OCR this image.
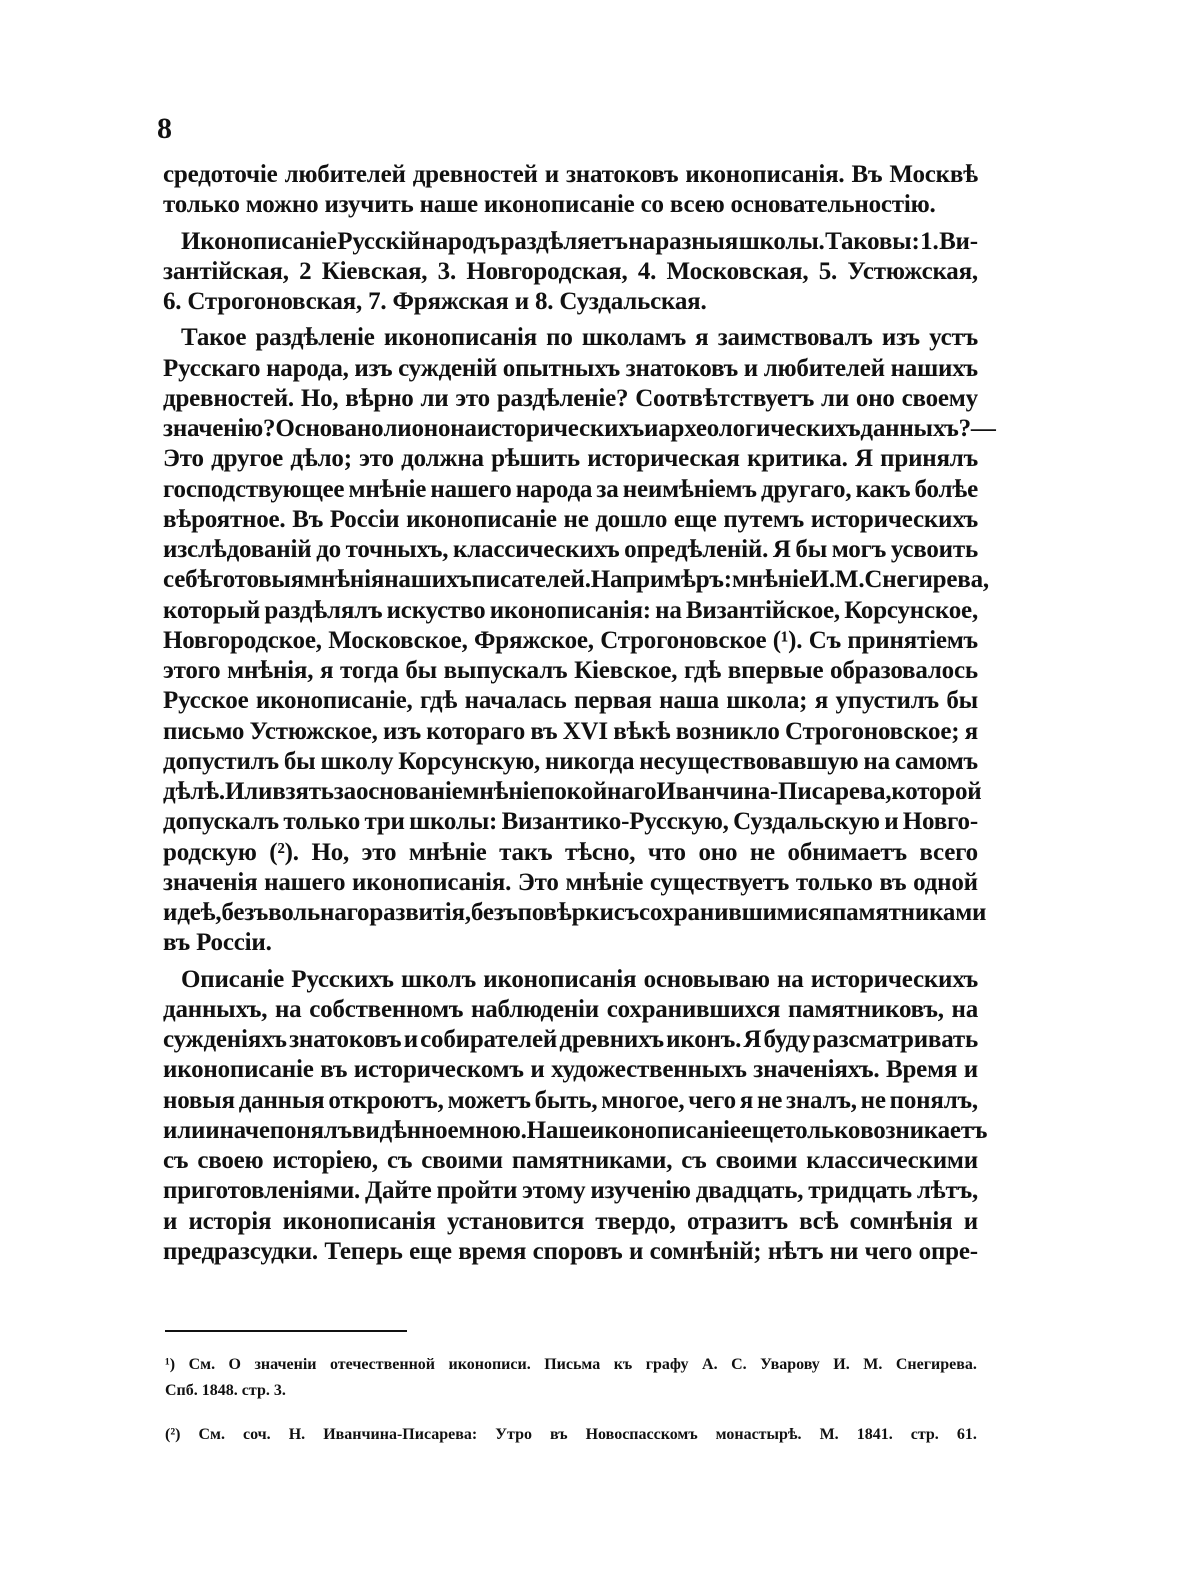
8
средоточіе любителей древностей и знатоковъ иконописанія. Въ Москвѣ
только можно изучить наше иконописаніе со всею основательностію.
Иконописаніе Русскій народъ раздѣляетъ на разныя школы. Таковы: 1. Ви-
зантійская, 2 Кіевская, 3. Новгородская, 4. Московская, 5. Устюжская,
6. Строгоновская, 7. Фряжская и 8. Суздальская.
Такое раздѣленіе иконописанія по школамъ я заимствовалъ изъ устъ
Русскаго народа, изъ сужденій опытныхъ знатоковъ и любителей нашихъ
древностей. Но, вѣрно ли это раздѣленіе? Соотвѣтствуетъ ли оно своему
значенію? Основано ли оно на историческихъ и археологическихъ данныхъ?—
Это другое дѣло; это должна рѣшить историческая критика. Я принялъ
господствующее мнѣніе нашего народа за неимѣніемъ другаго, какъ болѣе
вѣроятное. Въ Россіи иконописаніе не дошло еще путемъ историческихъ
изслѣдованій до точныхъ, классическихъ опредѣленій. Я бы могъ усвоить
себѣ готовыя мнѣнія нашихъ писателей. Напримѣръ: мнѣніе И. М. Снегирева,
который раздѣлялъ искуство иконописанія: на Византійское, Корсунское,
Новгородское, Московское, Фряжское, Строгоновское (¹). Съ принятіемъ
этого мнѣнія, я тогда бы выпускалъ Кіевское, гдѣ впервые образовалось
Русское иконописаніе, гдѣ началась первая наша школа; я упустилъ бы
письмо Устюжское, изъ котораго въ XVI вѣкѣ возникло Строгоновское; я
допустилъ бы школу Корсунскую, никогда несуществовавшую на самомъ
дѣлѣ. Или взять за основаніе мнѣніе покойнаго Иванчина-Писарева, которой
допускалъ только три школы: Византико-Русскую, Суздальскую и Новго-
родскую (²). Но, это мнѣніе такъ тѣсно, что оно не обнимаетъ всего
значенія нашего иконописанія. Это мнѣніе существуетъ только въ одной
идеѣ, безъ вольнаго развитія, безъ повѣрки съ сохранившимися памятниками
въ Россіи.
Описаніе Русскихъ школъ иконописанія основываю на историческихъ
данныхъ, на собственномъ наблюденіи сохранившихся памятниковъ, на
сужденіяхъ знатоковъ и собирателей древнихъ иконъ. Я буду разсматривать
иконописаніе въ историческомъ и художественныхъ значеніяхъ. Время и
новыя данныя откроютъ, можетъ быть, многое, чего я не зналъ, не понялъ,
или иначе понялъ видѣнное мною. Наше иконописаніе еще только возникаетъ
съ своею исторіею, съ своими памятниками, съ своими классическими
приготовленіями. Дайте пройти этому изученію двадцать, тридцать лѣтъ,
и исторія иконописанія установится твердо, отразитъ всѣ сомнѣнія и
предразсудки. Теперь еще время споровъ и сомнѣній; нѣтъ ни чего опре-
¹) См. О значеніи отечественной иконописи. Письма къ графу А. С. Уварову И. М. Снегирева.
Спб. 1848. стр. 3.
(²) См. соч. Н. Иванчина-Писарева: Утро въ Новоспасскомъ монастырѣ. М. 1841. стр. 61.
